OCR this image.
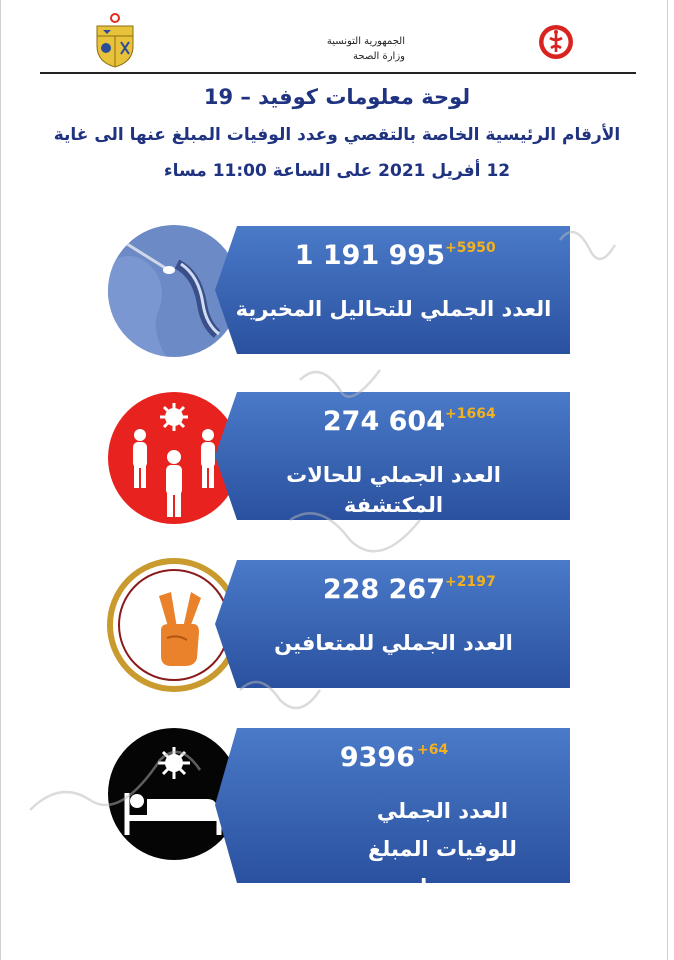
الجمهورية التونسية
وزارة الصحة
لوحة معلومات كوفيد – 19
الأرقام الرئيسية الخاصة بالتقصي وعدد الوفيات المبلغ عنها الى غاية
12 أفريل 2021 على الساعة 11:00 مساء
1 191 995 +5950
العدد الجملي للتحاليل المخبرية
274 604 +1664
العدد الجملي للحالات المكتشفة
228 267 +2197
العدد الجملي للمتعافين
9396 +64
العدد الجملي للوفيات المبلغ عنها
